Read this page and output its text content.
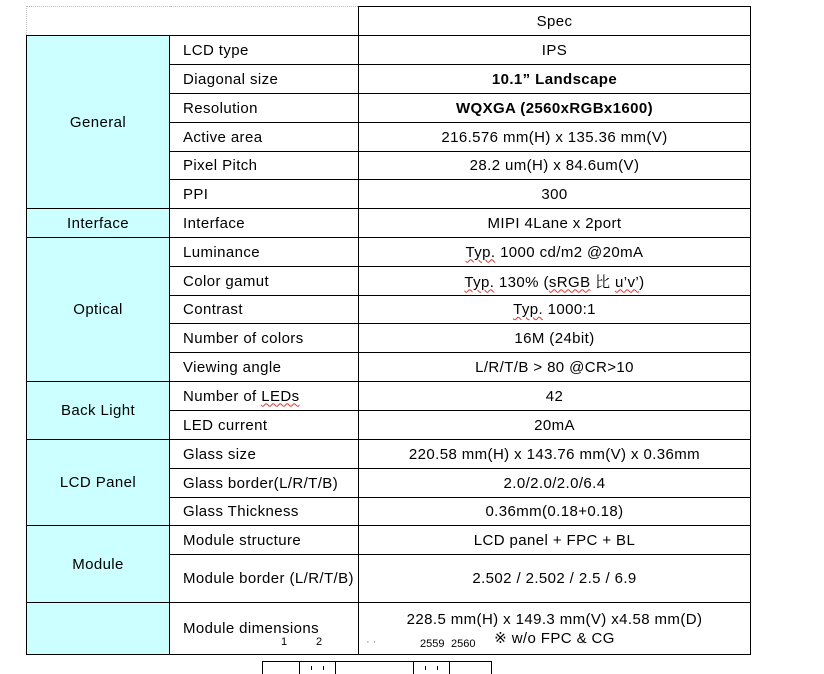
		Spec
General	LCD type	IPS
	Diagonal size	10.1” Landscape
	Resolution	WQXGA (2560xRGBx1600)
	Active area	216.576 mm(H) x 135.36 mm(V)
	Pixel Pitch	28.2 um(H) x 84.6um(V)
	PPI	300
Interface	Interface	MIPI 4Lane x 2port
Optical	Luminance	Typ. 1000 cd/m2 @20mA
	Color gamut	Typ. 130% (sRGB 比 u’v’)
	Contrast	Typ. 1000:1
	Number of colors	16M (24bit)
	Viewing angle	L/R/T/B > 80 @CR>10
Back Light	Number of LEDs	42
	LED current	20mA
LCD Panel	Glass size	220.58 mm(H) x 143.76 mm(V) x 0.36mm
	Glass border(L/R/T/B)	2.0/2.0/2.0/6.4
	Glass Thickness	0.36mm(0.18+0.18)
Module	Module structure	LCD panel + FPC + BL
	Module border (L/R/T/B)	2.502 / 2.502 / 2.5 / 6.9
	Module dimensions	228.5 mm(H) x 149.3 mm(V) x4.58 mm(D)
※ w/o FPC & CG
1	2	· ·	2559 2560
